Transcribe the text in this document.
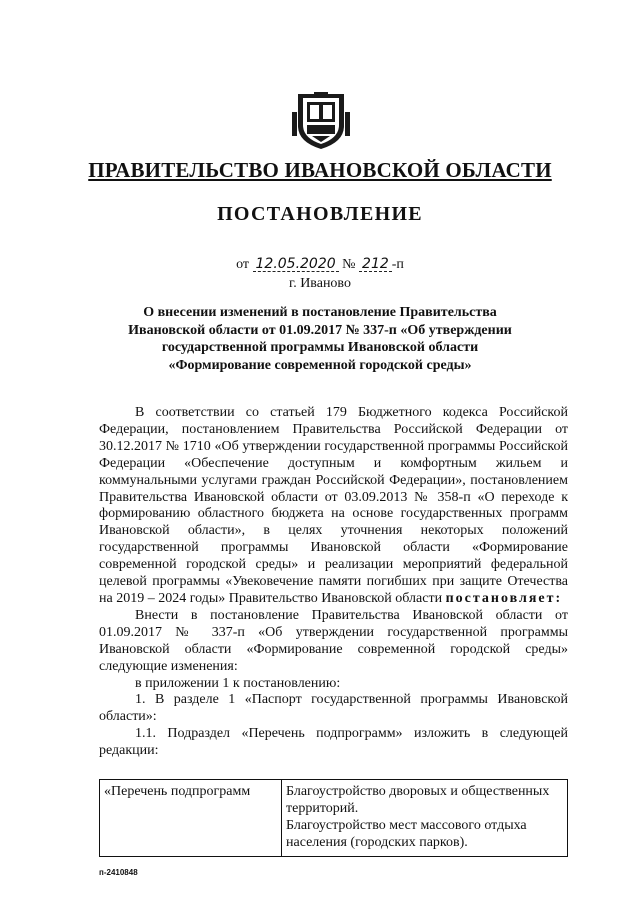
ПРАВИТЕЛЬСТВО ИВАНОВСКОЙ ОБЛАСТИ
ПОСТАНОВЛЕНИЕ
от 12.05.2020 № 212 -п
г. Иваново
О внесении изменений в постановление Правительства Ивановской области от 01.09.2017 № 337-п «Об утверждении государственной программы Ивановской области «Формирование современной городской среды»

В соответствии со статьей 179 Бюджетного кодекса Российской Федерации, постановлением Правительства Российской Федерации от 30.12.2017 № 1710 «Об утверждении государственной программы Российской Федерации «Обеспечение доступным и комфортным жильем и коммунальными услугами граждан Российской Федерации», постановлением Правительства Ивановской области от 03.09.2013 № 358-п «О переходе к формированию областного бюджета на основе государственных программ Ивановской области», в целях уточнения некоторых положений государственной программы Ивановской области «Формирование современной городской среды» и реализации мероприятий федеральной целевой программы «Увековечение памяти погибших при защите Отечества на 2019 – 2024 годы» Правительство Ивановской области постановляет:

Внести в постановление Правительства Ивановской области от 01.09.2017 № 337-п «Об утверждении государственной программы Ивановской области «Формирование современной городской среды» следующие изменения:

в приложении 1 к постановлению:

1. В разделе 1 «Паспорт государственной программы Ивановской области»:

1.1. Подраздел «Перечень подпрограмм» изложить в следующей редакции:

«Перечень подпрограмм	Благоустройство дворовых и общественных территорий.
Благоустройство мест массового отдыха населения (городских парков).
п-2410848
